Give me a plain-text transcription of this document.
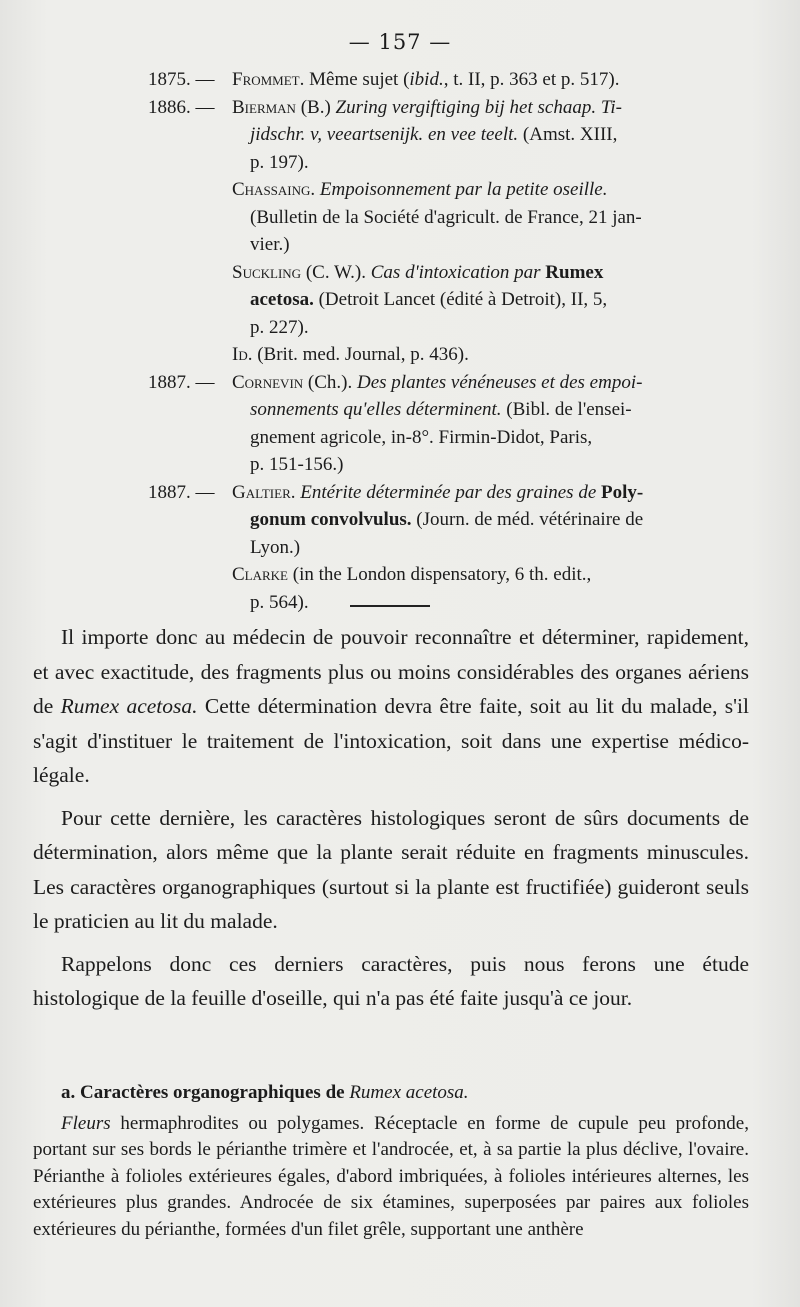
— 157 —
1875. — Frommet. Même sujet (ibid., t. II, p. 363 et p. 517).
1886. — Bierman (B.) Zuring vergiftiging bij het schaap. Ti-
jidschr. v, veeartsenijk. en vee teelt. (Amst. XIII,
p. 197).
Chassaing. Empoisonnement par la petite oseille.
(Bulletin de la Société d'agricult. de France, 21 jan-
vier.)
Suckling (C. W.). Cas d'intoxication par Rumex
acetosa. (Detroit Lancet (édité à Detroit), II, 5,
p. 227).
Id. (Brit. med. Journal, p. 436).
1887. — Cornevin (Ch.). Des plantes vénéneuses et des empoi-
sonnements qu'elles déterminent. (Bibl. de l'ensei-
gnement agricole, in-8°. Firmin-Didot, Paris,
p. 151-156.)
1887. — Galtier. Entérite déterminée par des graines de Poly-
gonum convolvulus. (Journ. de méd. vétérinaire de
Lyon.)
Clarke (in the London dispensatory, 6 th. edit.,
p. 564).

Il importe donc au médecin de pouvoir reconnaître et déterminer, rapidement, et avec exactitude, des fragments plus ou moins considérables des organes aériens de Rumex acetosa. Cette détermination devra être faite, soit au lit du malade, s'il s'agit d'instituer le traitement de l'intoxication, soit dans une expertise médico-légale.

Pour cette dernière, les caractères histologiques seront de sûrs documents de détermination, alors même que la plante serait réduite en fragments minuscules. Les caractères organographiques (surtout si la plante est fructifiée) guideront seuls le praticien au lit du malade.

Rappelons donc ces derniers caractères, puis nous ferons une étude histologique de la feuille d'oseille, qui n'a pas été faite jusqu'à ce jour.

a. Caractères organographiques de Rumex acetosa.

Fleurs hermaphrodites ou polygames. Réceptacle en forme de cupule peu profonde, portant sur ses bords le périanthe trimère et l'androcée, et, à sa partie la plus déclive, l'ovaire. Périanthe à folioles extérieures égales, d'abord imbriquées, à folioles intérieures alternes, les extérieures plus grandes. Androcée de six étamines, superposées par paires aux folioles extérieures du périanthe, formées d'un filet grêle, supportant une anthère
